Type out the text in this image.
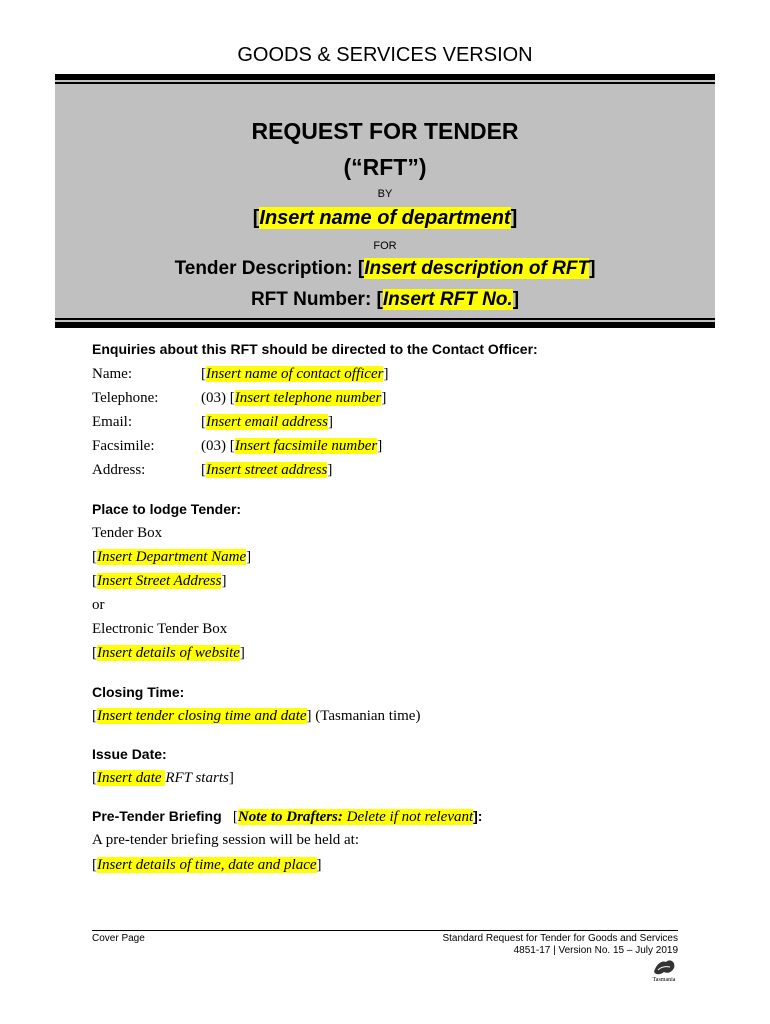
GOODS & SERVICES VERSION
REQUEST FOR TENDER
(“RFT”)
BY
[Insert name of department]
FOR
Tender Description: [Insert description of RFT]
RFT Number: [Insert RFT No.]
Enquiries about this RFT should be directed to the Contact Officer:
Name:	[Insert name of contact officer]
Telephone:	(03) [Insert telephone number]
Email:	[Insert email address]
Facsimile:	(03) [Insert facsimile number]
Address:	[Insert street address]
Place to lodge Tender:
Tender Box
[Insert Department Name]
[Insert Street Address]
or
Electronic Tender Box
[Insert details of website]
Closing Time:
[Insert tender closing time and date] (Tasmanian time)
Issue Date:
[Insert date RFT starts]
Pre-Tender Briefing   [Note to Drafters: Delete if not relevant]:
A pre-tender briefing session will be held at:
[Insert details of time, date and place]
Cover Page	Standard Request for Tender for Goods and Services
4851-17 | Version No. 15 – July 2019
Tasmania
